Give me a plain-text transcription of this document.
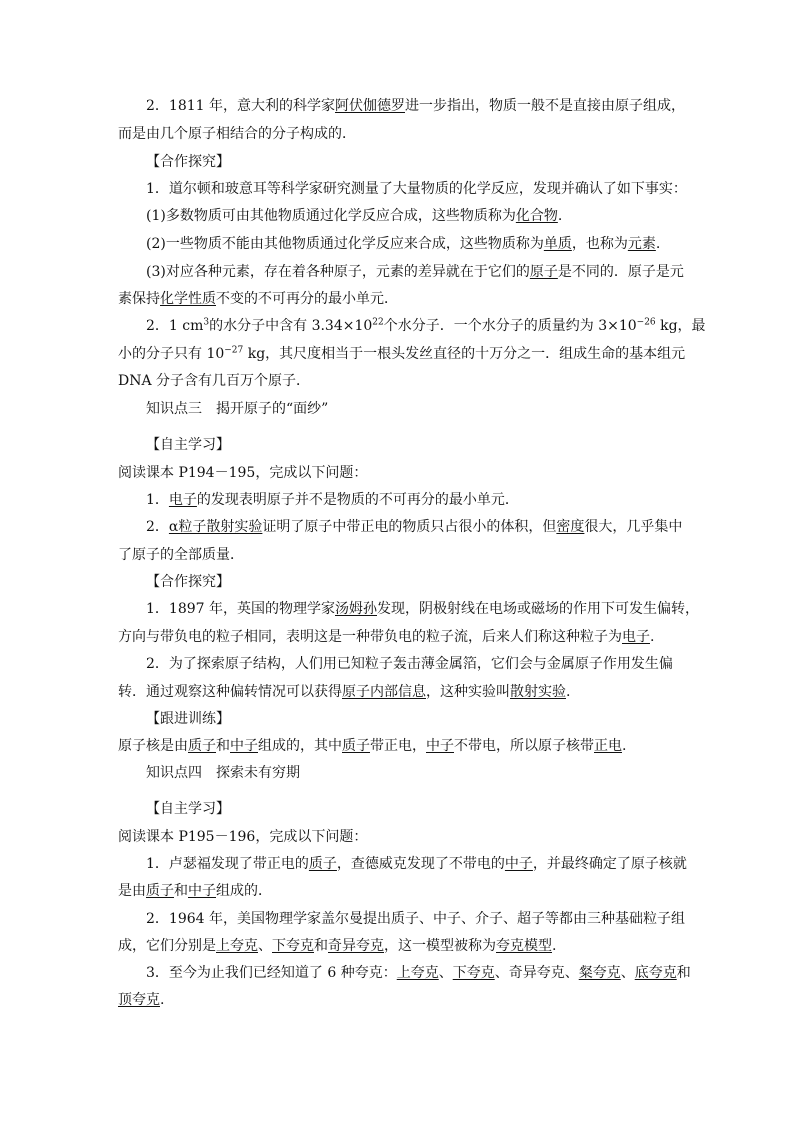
2．1811 年，意大利的科学家阿伏伽德罗进一步指出，物质一般不是直接由原子组成，
而是由几个原子相结合的分子构成的．
【合作探究】
1．道尔顿和玻意耳等科学家研究测量了大量物质的化学反应，发现并确认了如下事实：
(1)多数物质可由其他物质通过化学反应合成，这些物质称为化合物.
(2)一些物质不能由其他物质通过化学反应来合成，这些物质称为单质，也称为元素.
(3)对应各种元素，存在着各种原子，元素的差异就在于它们的原子是不同的．原子是元
素保持化学性质不变的不可再分的最小单元．
2．1 $cm^3$的水分子中含有 $3.34\times 10^{22}$个水分子．一个水分子的质量约为 $3\times 10^{-26}$ kg，最
小的分子只有 $10^{-27}$ kg，其尺度相当于一根头发丝直径的十万分之一．组成生命的基本组元
DNA 分子含有几百万个原子．
知识点三　揭开原子的“面纱”
【自主学习】
阅读课本 P194－195，完成以下问题：
1．电子的发现表明原子并不是物质的不可再分的最小单元．
2．α粒子散射实验证明了原子中带正电的物质只占很小的体积，但密度很大，几乎集中
了原子的全部质量．
【合作探究】
1．1897 年，英国的物理学家汤姆孙发现，阴极射线在电场或磁场的作用下可发生偏转，
方向与带负电的粒子相同，表明这是一种带负电的粒子流，后来人们称这种粒子为电子.
2．为了探索原子结构，人们用已知粒子轰击薄金属箔，它们会与金属原子作用发生偏
转．通过观察这种偏转情况可以获得原子内部信息，这种实验叫散射实验.
【跟进训练】
原子核是由质子和中子组成的，其中质子带正电，中子不带电，所以原子核带正电.
知识点四　探索未有穷期
【自主学习】
阅读课本 P195－196，完成以下问题：
1．卢瑟福发现了带正电的质子，查德威克发现了不带电的中子，并最终确定了原子核就
是由质子和中子组成的．
2．1964 年，美国物理学家盖尔曼提出质子、中子、介子、超子等都由三种基础粒子组
成，它们分别是上夸克、下夸克和奇异夸克，这一模型被称为夸克模型.
3．至今为止我们已经知道了 6 种夸克：上夸克、下夸克、奇异夸克、粲夸克、底夸克和
顶夸克.
